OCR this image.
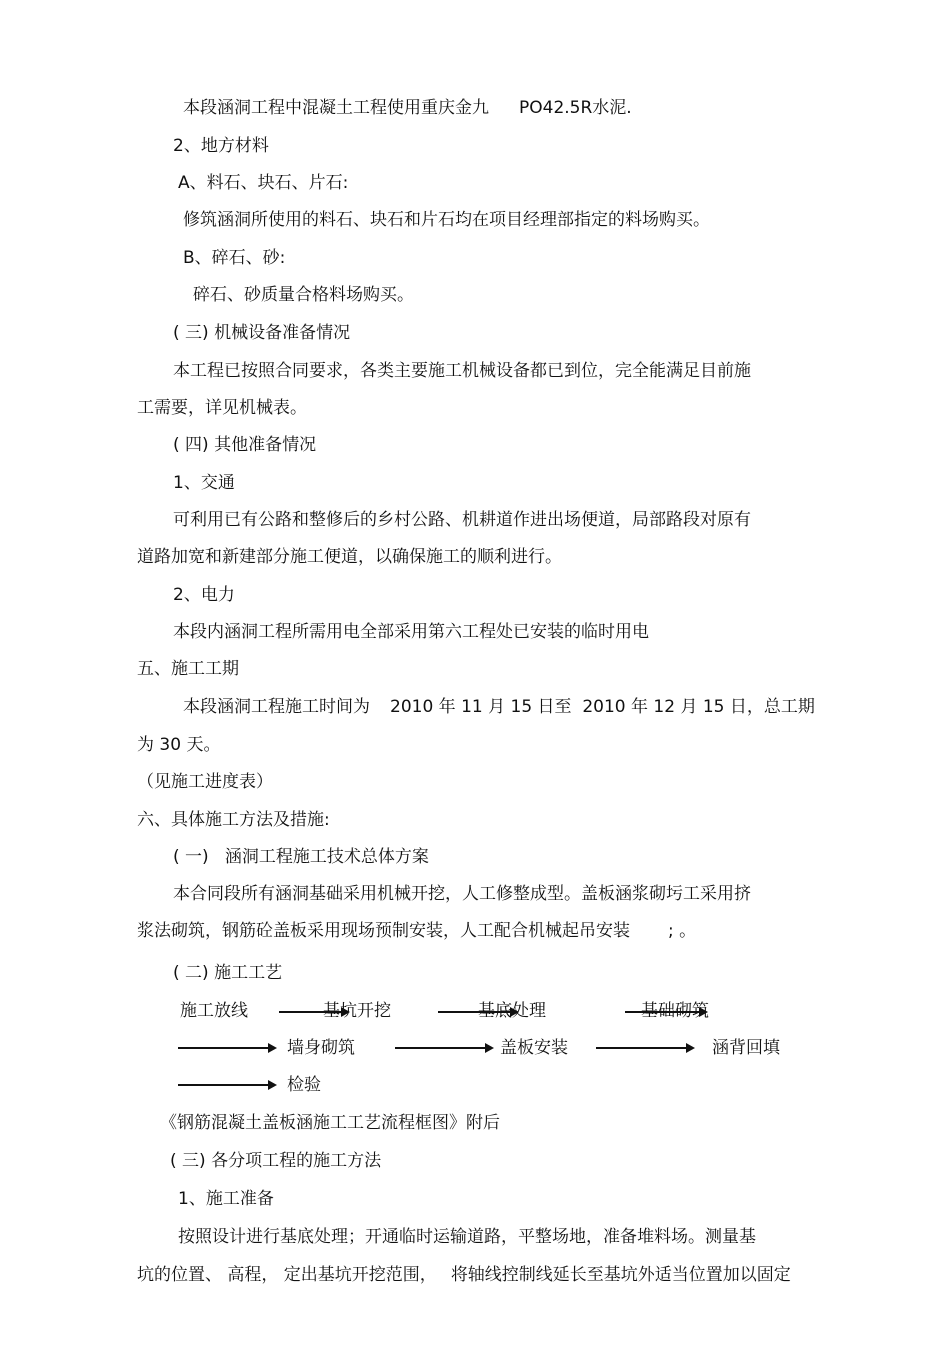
本段涵洞工程中混凝土工程使用重庆金九 PO42.5R水泥.

2、地方材料

A、料石、块石、片石:

修筑涵洞所使用的料石、块石和片石均在项目经理部指定的料场购买。

B、碎石、砂:

碎石、砂质量合格料场购买。

( 三) 机械设备准备情况

本工程已按照合同要求，各类主要施工机械设备都已到位，完全能满足目前施

工需要，详见机械表。

( 四) 其他准备情况

1、交通

可利用已有公路和整修后的乡村公路、机耕道作进出场便道，局部路段对原有

道路加宽和新建部分施工便道，以确保施工的顺利进行。

2、电力

本段内涵洞工程所需用电全部采用第六工程处已安装的临时用电

五、施工工期

本段涵洞工程施工时间为 2010 年 11 月 15 日至  2010 年 12 月 15 日，总工期

为 30 天。

（见施工进度表）

六、具体施工方法及措施:

( 一)   涵洞工程施工技术总体方案

本合同段所有涵洞基础采用机械开挖，人工修整成型。盖板涵浆砌圬工采用挤

浆法砌筑，钢筋砼盖板采用现场预制安装，人工配合机械起吊安装 ; 。

( 二) 施工工艺

施工放线	基坑开挖	基底处理	基础砌筑

墙身砌筑	盖板安装	涵背回填

检验

《钢筋混凝土盖板涵施工工艺流程框图》附后

( 三) 各分项工程的施工方法

1、施工准备

按照设计进行基底处理；开通临时运输道路，平整场地，准备堆料场。测量基

坑的位置、 高程， 定出基坑开挖范围， 将轴线控制线延长至基坑外适当位置加以固定
